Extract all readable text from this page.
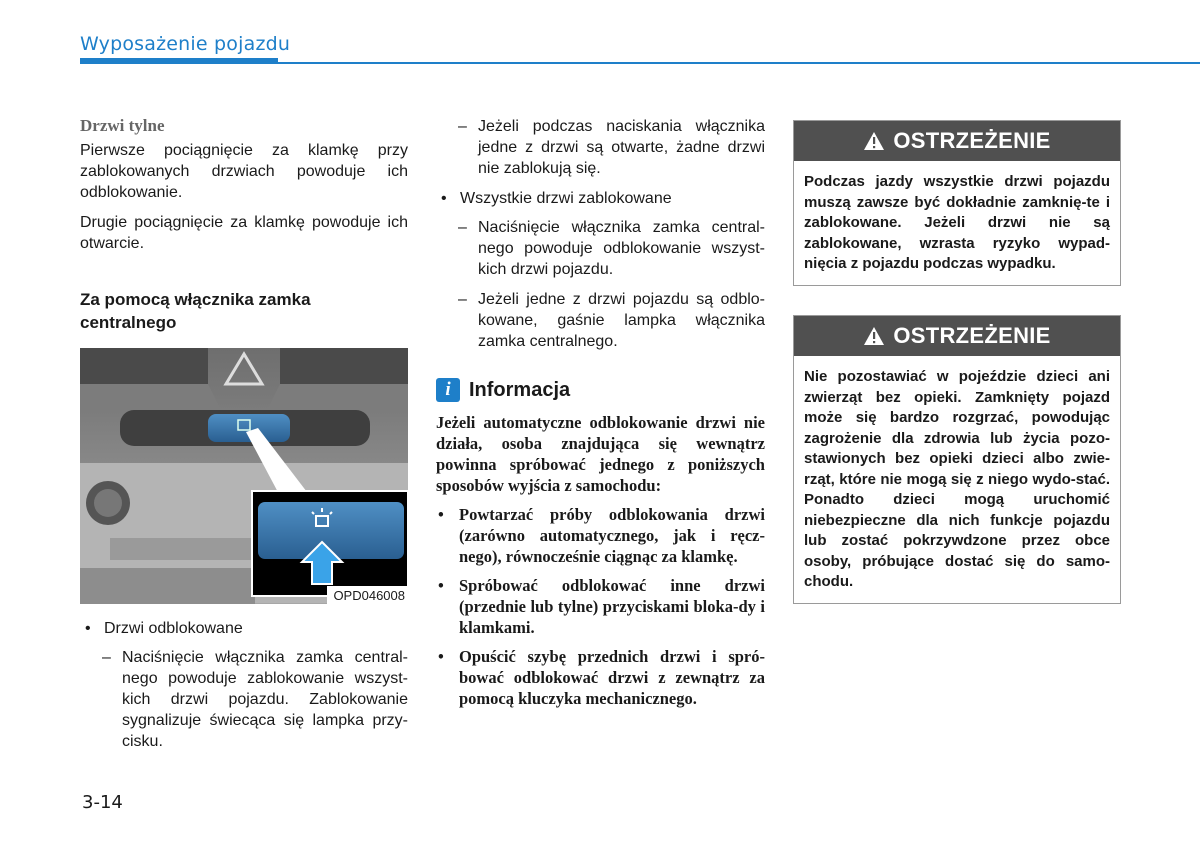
Wyposażenie pojazdu
Drzwi tylne

Pierwsze pociągnięcie za klamkę przy zablokowanych drzwiach powoduje ich odblokowanie.

Drugie pociągnięcie za klamkę powoduje ich otwarcie.

Za pomocą włącznika zamka centralnego
OPD046008
• Drzwi odblokowane
– Naciśnięcie włącznika zamka central-nego powoduje zablokowanie wszyst-kich drzwi pojazdu. Zablokowanie sygnalizuje świecąca się lampka przy-cisku.
– Jeżeli podczas naciskania włącznika jedne z drzwi są otwarte, żadne drzwi nie zablokują się.
• Wszystkie drzwi zablokowane
– Naciśnięcie włącznika zamka central-nego powoduje odblokowanie wszyst-kich drzwi pojazdu.
– Jeżeli jedne z drzwi pojazdu są odblo-kowane, gaśnie lampka włącznika zamka centralnego.
i Informacja
Jeżeli automatyczne odblokowanie drzwi nie działa, osoba znajdująca się wewnątrz powinna spróbować jednego z poniższych sposobów wyjścia z samochodu:
• Powtarzać próby odblokowania drzwi (zarówno automatycznego, jak i ręcz-nego), równocześnie ciągnąc za klamkę.
• Spróbować odblokować inne drzwi (przednie lub tylne) przyciskami bloka-dy i klamkami.
• Opuścić szybę przednich drzwi i spró-bować odblokować drzwi z zewnątrz za pomocą kluczyka mechanicznego.
OSTRZEŻENIE
Podczas jazdy wszystkie drzwi pojazdu muszą zawsze być dokładnie zamknię-te i zablokowane. Jeżeli drzwi nie są zablokowane, wzrasta ryzyko wypad-nięcia z pojazdu podczas wypadku.
OSTRZEŻENIE
Nie pozostawiać w pojeździe dzieci ani zwierząt bez opieki. Zamknięty pojazd może się bardzo rozgrzać, powodując zagrożenie dla zdrowia lub życia pozo-stawionych bez opieki dzieci albo zwie-rząt, które nie mogą się z niego wydo-stać. Ponadto dzieci mogą uruchomić niebezpieczne dla nich funkcje pojazdu lub zostać pokrzywdzone przez obce osoby, próbujące dostać się do samo-chodu.
3-14
